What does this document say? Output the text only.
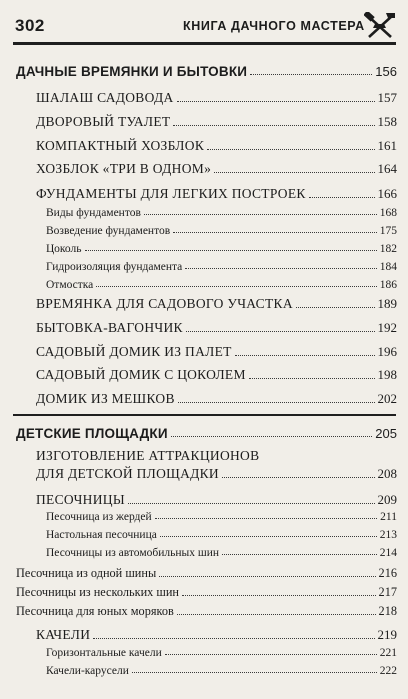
302	КНИГА ДАЧНОГО МАСТЕРА
ДАЧНЫЕ ВРЕМЯНКИ И БЫТОВКИ	156
ШАЛАШ САДОВОДА	157
ДВОРОВЫЙ ТУАЛЕТ	158
КОМПАКТНЫЙ ХОЗБЛОК	161
ХОЗБЛОК «ТРИ В ОДНОМ»	164
ФУНДАМЕНТЫ ДЛЯ ЛЕГКИХ ПОСТРОЕК	166
Виды фундаментов	168
Возведение фундаментов	175
Цоколь	182
Гидроизоляция фундамента	184
Отмостка	186
ВРЕМЯНКА ДЛЯ САДОВОГО УЧАСТКА	189
БЫТОВКА-ВАГОНЧИК	192
САДОВЫЙ ДОМИК ИЗ ПАЛЕТ	196
САДОВЫЙ ДОМИК С ЦОКОЛЕМ	198
ДОМИК ИЗ МЕШКОВ	202
ДЕТСКИЕ ПЛОЩАДКИ	205
ИЗГОТОВЛЕНИЕ АТТРАКЦИОНОВ
ДЛЯ ДЕТСКОЙ ПЛОЩАДКИ	208
ПЕСОЧНИЦЫ	209
Песочница из жердей	211
Настольная песочница	213
Песочницы из автомобильных шин	214
Песочница из одной шины	216
Песочницы из нескольких шин	217
Песочница для юных моряков	218
КАЧЕЛИ	219
Горизонтальные качели	221
Качели-карусели	222
